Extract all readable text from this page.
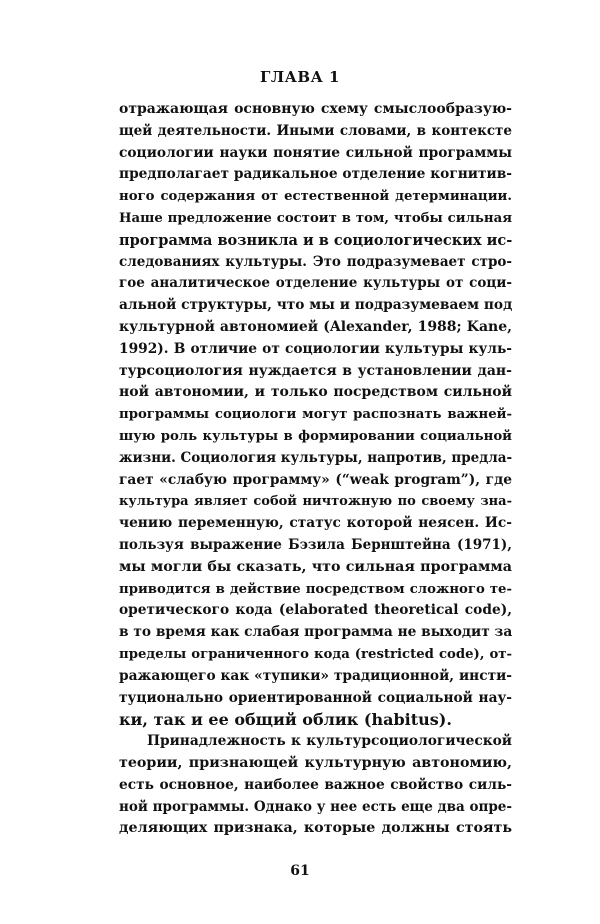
ГЛАВА 1
отражающая основную схему смыслообразую-
щей деятельности. Иными словами, в контексте
социологии науки понятие сильной программы
предполагает радикальное отделение когнитив-
ного содержания от естественной детерминации.
Наше предложение состоит в том, чтобы сильная
программа возникла и в социологических ис-
следованиях культуры. Это подразумевает стро-
гое аналитическое отделение культуры от соци-
альной структуры, что мы и подразумеваем под
культурной автономией (Alexander, 1988; Kane,
1992). В отличие от социологии культуры куль-
турсоциология нуждается в установлении дан-
ной автономии, и только посредством сильной
программы социологи могут распознать важней-
шую роль культуры в формировании социальной
жизни. Социология культуры, напротив, предла-
гает «слабую программу» (“weak program”), где
культура являет собой ничтожную по своему зна-
чению переменную, статус которой неясен. Ис-
пользуя выражение Бэзила Бернштейна (1971),
мы могли бы сказать, что сильная программа
приводится в действие посредством сложного те-
оретического кода (elaborated theoretical code),
в то время как слабая программа не выходит за
пределы ограниченного кода (restricted code), от-
ражающего как «тупики» традиционной, инсти-
туционально ориентированной социальной нау-
ки, так и ее общий облик (habitus).
Принадлежность к культурсоциологической
теории, признающей культурную автономию,
есть основное, наиболее важное свойство силь-
ной программы. Однако у нее есть еще два опре-
деляющих признака, которые должны стоять
61
